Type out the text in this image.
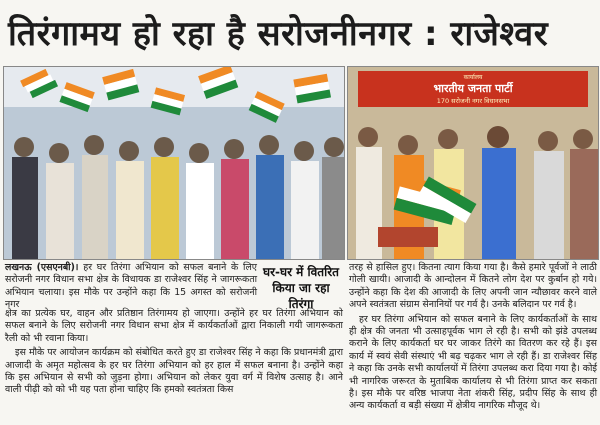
तिरंगामय हो रहा है सरोजनीनगर : राजेश्वर
कार्यालय
भारतीय जनता पार्टी
170 सरोजनी नगर विधानसभा

लखनऊ (एसएनबी)। हर घर तिरंगा अभियान को सफल बनाने के लिए सरोजनी नगर विधान सभा क्षेत्र के विधायक डा राजेश्वर सिंह ने जागरूकता अभियान चलाया। इस मौके पर उन्होंने कहा कि 15 अगस्त को सरोजनी नगर

घर-घर में वितरित किया जा रहा तिरंगा

क्षेत्र का प्रत्येक घर, वाहन और प्रतिष्ठान तिरंगामय हो जाएगा। उन्होंने हर घर तिरंगा अभियान को सफल बनाने के लिए सरोजनी नगर विधान सभा क्षेत्र में कार्यकर्ताओं द्वारा निकाली गयी जागरूकता रैली को भी रवाना किया।

इस मौके पर आयोजन कार्यक्रम को संबोधित करते हुए डा राजेश्वर सिंह ने कहा कि प्रधानमंत्री द्वारा आजादी के अमृत महोत्सव के हर घर तिरंगा अभियान को हर हाल में सफल बनाना है। उन्होंने कहा कि इस अभियान से सभी को जुड़ना होगा। अभियान को लेकर युवा वर्ग में विशेष उत्साह है। आने वाली पीढ़ी को को भी यह पता होना चाहिए कि हमको स्वतंत्रता किस

तरह से हासिल हुए। कितना त्याग किया गया है। कैसे हमारे पूर्वजों ने लाठी गोली खायी। आजादी के आन्दोलन में कितने लोग देश पर कुर्बान हो गये। उन्होंने कहा कि देश की आजादी के लिए अपनी जान न्यौछावर करने वाले अपने स्वतंत्रता संग्राम सेनानियों पर गर्व है। उनके बलिदान पर गर्व है।

हर घर तिरंगा अभियान को सफल बनाने के लिए कार्यकर्ताओं के साथ ही क्षेत्र की जनता भी उत्साहपूर्वक भाग ले रही है। सभी को झंडे उपलब्ध कराने के लिए कार्यकर्ता घर घर जाकर तिरंगे का वितरण कर रहे हैं। इस कार्य में स्वयं सेवी संस्थाएं भी बढ़ चढ़कर भाग ले रही हैं। डा राजेश्वर सिंह ने कहा कि उनके सभी कार्यालयों में तिरंगा उपलब्ध करा दिया गया है। कोई भी नागरिक जरूरत के मुताबिक कार्यालय से भी तिरंगा प्राप्त कर सकता है। इस मौके पर वरिष्ठ भाजपा नेता शंकरी सिंह, प्रदीप सिंह के साथ ही अन्य कार्यकर्ता व बड़ी संख्या में क्षेत्रीय नागरिक मौजूद थे।
